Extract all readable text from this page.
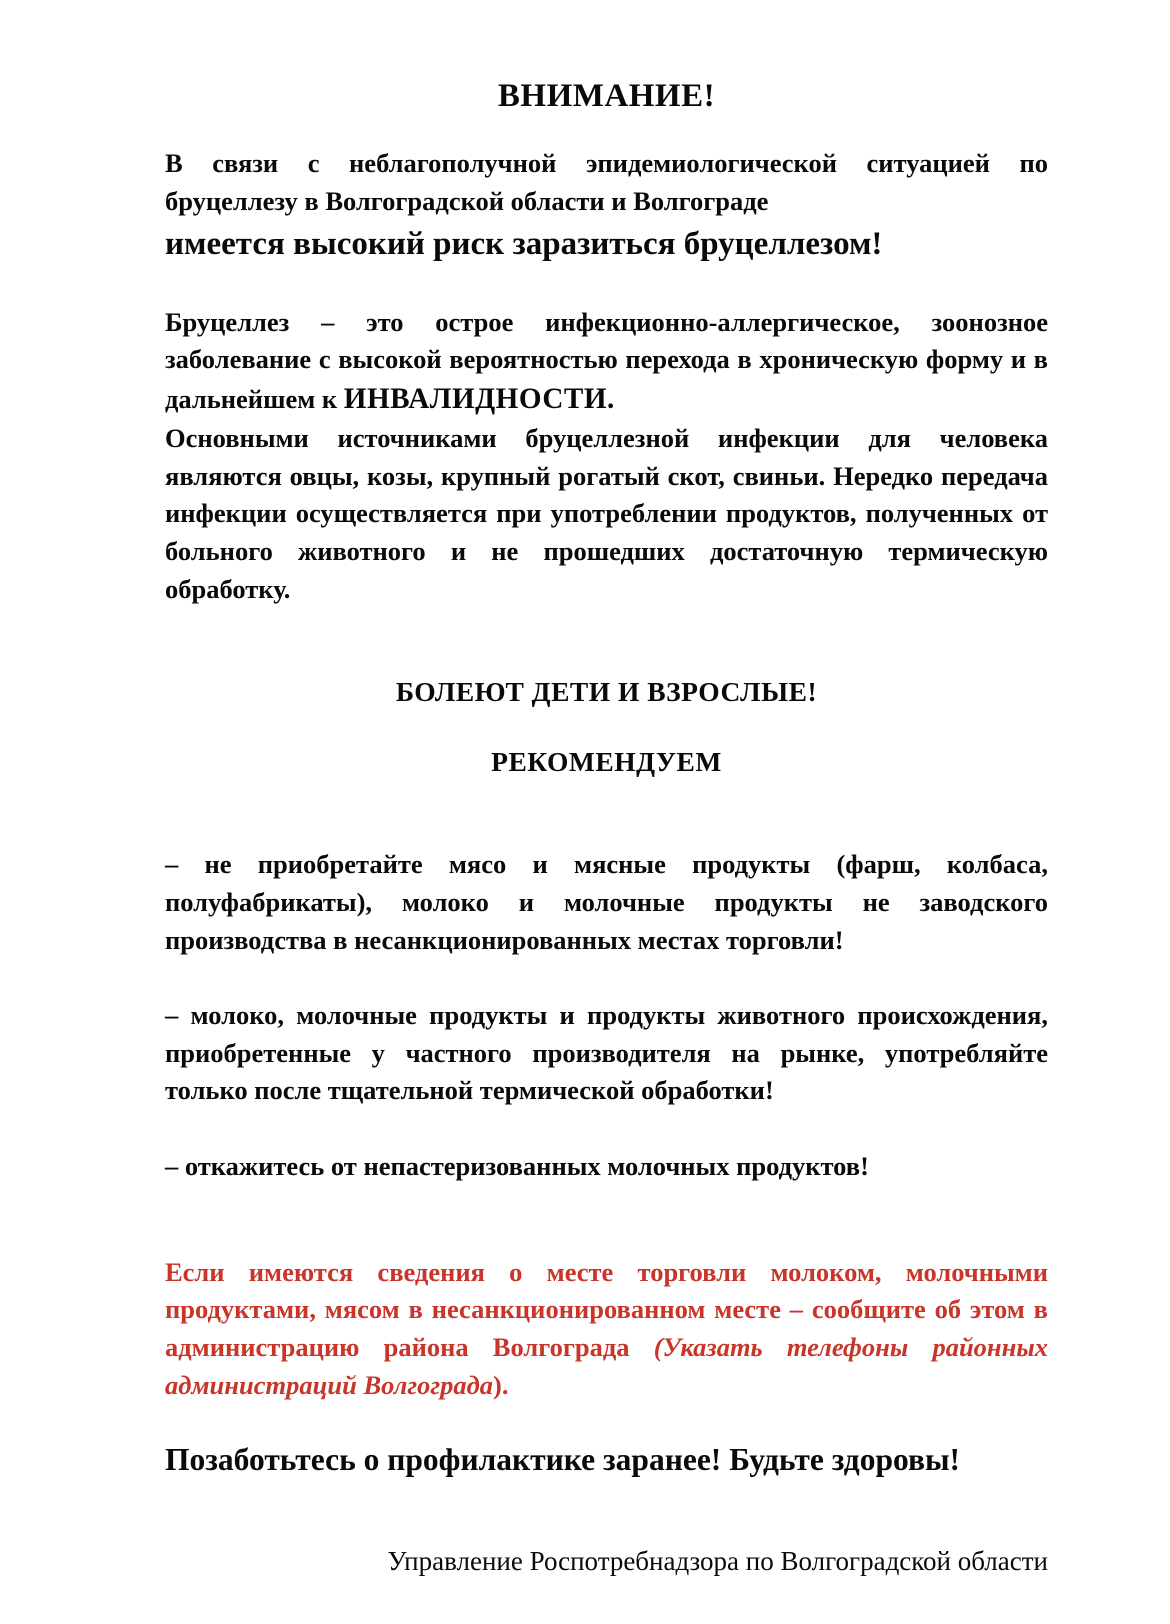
ВНИМАНИЕ!

В связи с неблагополучной эпидемиологической ситуацией по бруцеллезу в Волгоградской области и Волгограде

имеется высокий риск заразиться бруцеллезом!

Бруцеллез – это острое инфекционно-аллергическое, зоонозное заболевание с высокой вероятностью перехода в хроническую форму и в дальнейшем к ИНВАЛИДНОСТИ.

Основными источниками бруцеллезной инфекции для человека являются овцы, козы, крупный рогатый скот, свиньи. Нередко передача инфекции осуществляется при употреблении продуктов, полученных от больного животного и не прошедших достаточную термическую обработку.

БОЛЕЮТ ДЕТИ И ВЗРОСЛЫЕ!

РЕКОМЕНДУЕМ

– не приобретайте мясо и мясные продукты (фарш, колбаса, полуфабрикаты), молоко и молочные продукты не заводского производства в несанкционированных местах торговли!

– молоко, молочные продукты и продукты животного происхождения, приобретенные у частного производителя на рынке, употребляйте только после тщательной термической обработки!

– откажитесь от непастеризованных молочных продуктов!

Если имеются сведения о месте торговли молоком, молочными продуктами, мясом в несанкционированном месте – сообщите об этом в администрацию района Волгограда (Указать телефоны районных администраций Волгограда).

Позаботьтесь о профилактике заранее! Будьте здоровы!

Управление Роспотребнадзора по Волгоградской области
